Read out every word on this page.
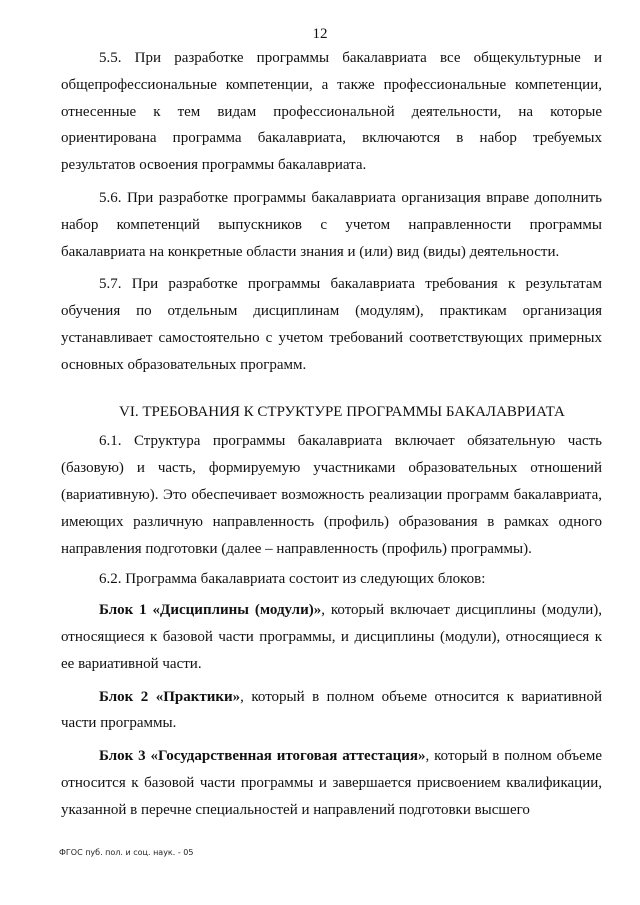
12

5.5. При разработке программы бакалавриата все общекультурные и общепрофессиональные компетенции, а также профессиональные компетенции, отнесенные к тем видам профессиональной деятельности, на которые ориентирована программа бакалавриата, включаются в набор требуемых результатов освоения программы бакалавриата.

5.6. При разработке программы бакалавриата организация вправе дополнить набор компетенций выпускников с учетом направленности программы бакалавриата на конкретные области знания и (или) вид (виды) деятельности.

5.7. При разработке программы бакалавриата требования к результатам обучения по отдельным дисциплинам (модулям), практикам организация устанавливает самостоятельно с учетом требований соответствующих примерных основных образовательных программ.

VI. ТРЕБОВАНИЯ К СТРУКТУРЕ ПРОГРАММЫ БАКАЛАВРИАТА

6.1. Структура программы бакалавриата включает обязательную часть (базовую) и часть, формируемую участниками образовательных отношений (вариативную). Это обеспечивает возможность реализации программ бакалавриата, имеющих различную направленность (профиль) образования в рамках одного направления подготовки (далее – направленность (профиль) программы).

6.2. Программа бакалавриата состоит из следующих блоков:

Блок 1 «Дисциплины (модули)», который включает дисциплины (модули), относящиеся к базовой части программы, и дисциплины (модули), относящиеся к ее вариативной части.

Блок 2 «Практики», который в полном объеме относится к вариативной части программы.

Блок 3 «Государственная итоговая аттестация», который в полном объеме относится к базовой части программы и завершается присвоением квалификации, указанной в перечне специальностей и направлений подготовки высшего

ФГОС пуб. пол. и соц. наук. - 05
